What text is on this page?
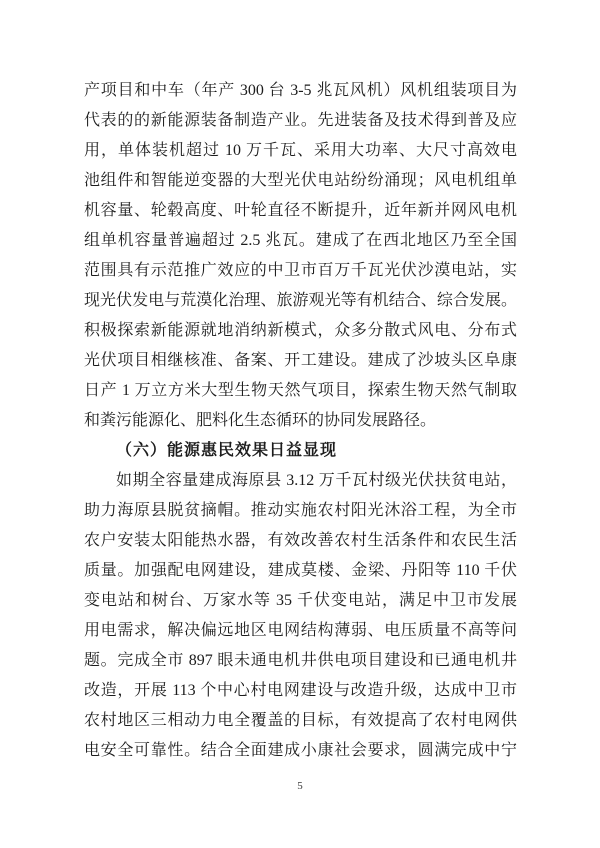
产项目和中车（年产 300 台 3-5 兆瓦风机）风机组装项目为

代表的的新能源装备制造产业。先进装备及技术得到普及应

用，单体装机超过 10 万千瓦、采用大功率、大尺寸高效电

池组件和智能逆变器的大型光伏电站纷纷涌现；风电机组单

机容量、轮毂高度、叶轮直径不断提升，近年新并网风电机

组单机容量普遍超过 2.5 兆瓦。建成了在西北地区乃至全国

范围具有示范推广效应的中卫市百万千瓦光伏沙漠电站，实

现光伏发电与荒漠化治理、旅游观光等有机结合、综合发展。

积极探索新能源就地消纳新模式，众多分散式风电、分布式

光伏项目相继核准、备案、开工建设。建成了沙坡头区阜康

日产 1 万立方米大型生物天然气项目，探索生物天然气制取

和粪污能源化、肥料化生态循环的协同发展路径。

（六）能源惠民效果日益显现

如期全容量建成海原县 3.12 万千瓦村级光伏扶贫电站，

助力海原县脱贫摘帽。推动实施农村阳光沐浴工程，为全市

农户安装太阳能热水器，有效改善农村生活条件和农民生活

质量。加强配电网建设，建成莫楼、金梁、丹阳等 110 千伏

变电站和树台、万家水等 35 千伏变电站，满足中卫市发展

用电需求，解决偏远地区电网结构薄弱、电压质量不高等问

题。完成全市 897 眼未通电机井供电项目建设和已通电机井

改造，开展 113 个中心村电网建设与改造升级，达成中卫市

农村地区三相动力电全覆盖的目标，有效提高了农村电网供

电安全可靠性。结合全面建成小康社会要求，圆满完成中宁

5
